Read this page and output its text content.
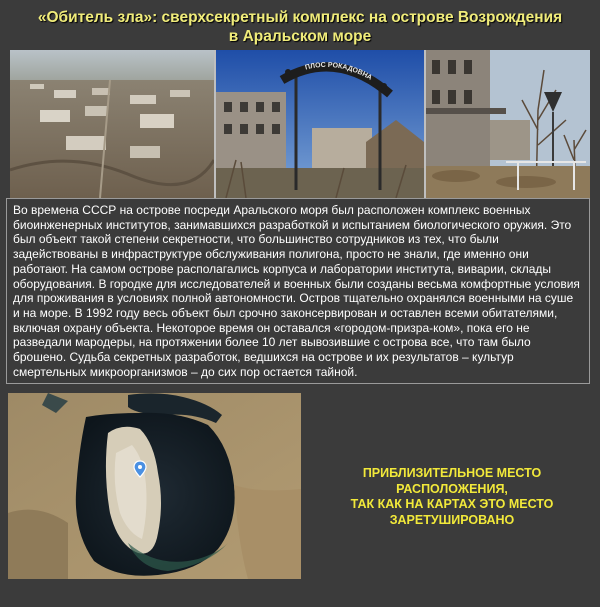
«Обитель зла»: сверхсекретный комплекс на острове Возрождения
в Аральском море
ПЛОС РОКАДОВНА

Во времена СССР на острове посреди Аральского моря был расположен комплекс военных биоинженерных институтов, занимавшихся разработкой и испытанием биологического оружия. Это был объект такой степени секретности, что большинство сотрудников из тех, что были задействованы в инфраструктуре обслуживания полигона, просто не знали, где именно они работают. На самом острове располагались корпуса и лаборатории института, виварии, склады оборудования. В городке для исследователей и военных были созданы весьма комфортные условия для проживания в условиях полной автономности. Остров тщательно охранялся военными на суше и на море. В 1992 году весь объект был срочно законсервирован и оставлен всеми обитателями, включая охрану объекта. Некоторое время он оставался «городом-призра-ком», пока его не разведали мародеры, на протяжении более 10 лет вывозившие с острова все, что там было брошено. Судьба секретных разработок, ведшихся на острове и их результатов – культур смертельных микроорганизмов – до сих пор остается тайной.

ПРИБЛИЗИТЕЛЬНОЕ МЕСТО
РАСПОЛОЖЕНИЯ,
ТАК КАК НА КАРТАХ ЭТО МЕСТО
ЗАРЕТУШИРОВАНО
